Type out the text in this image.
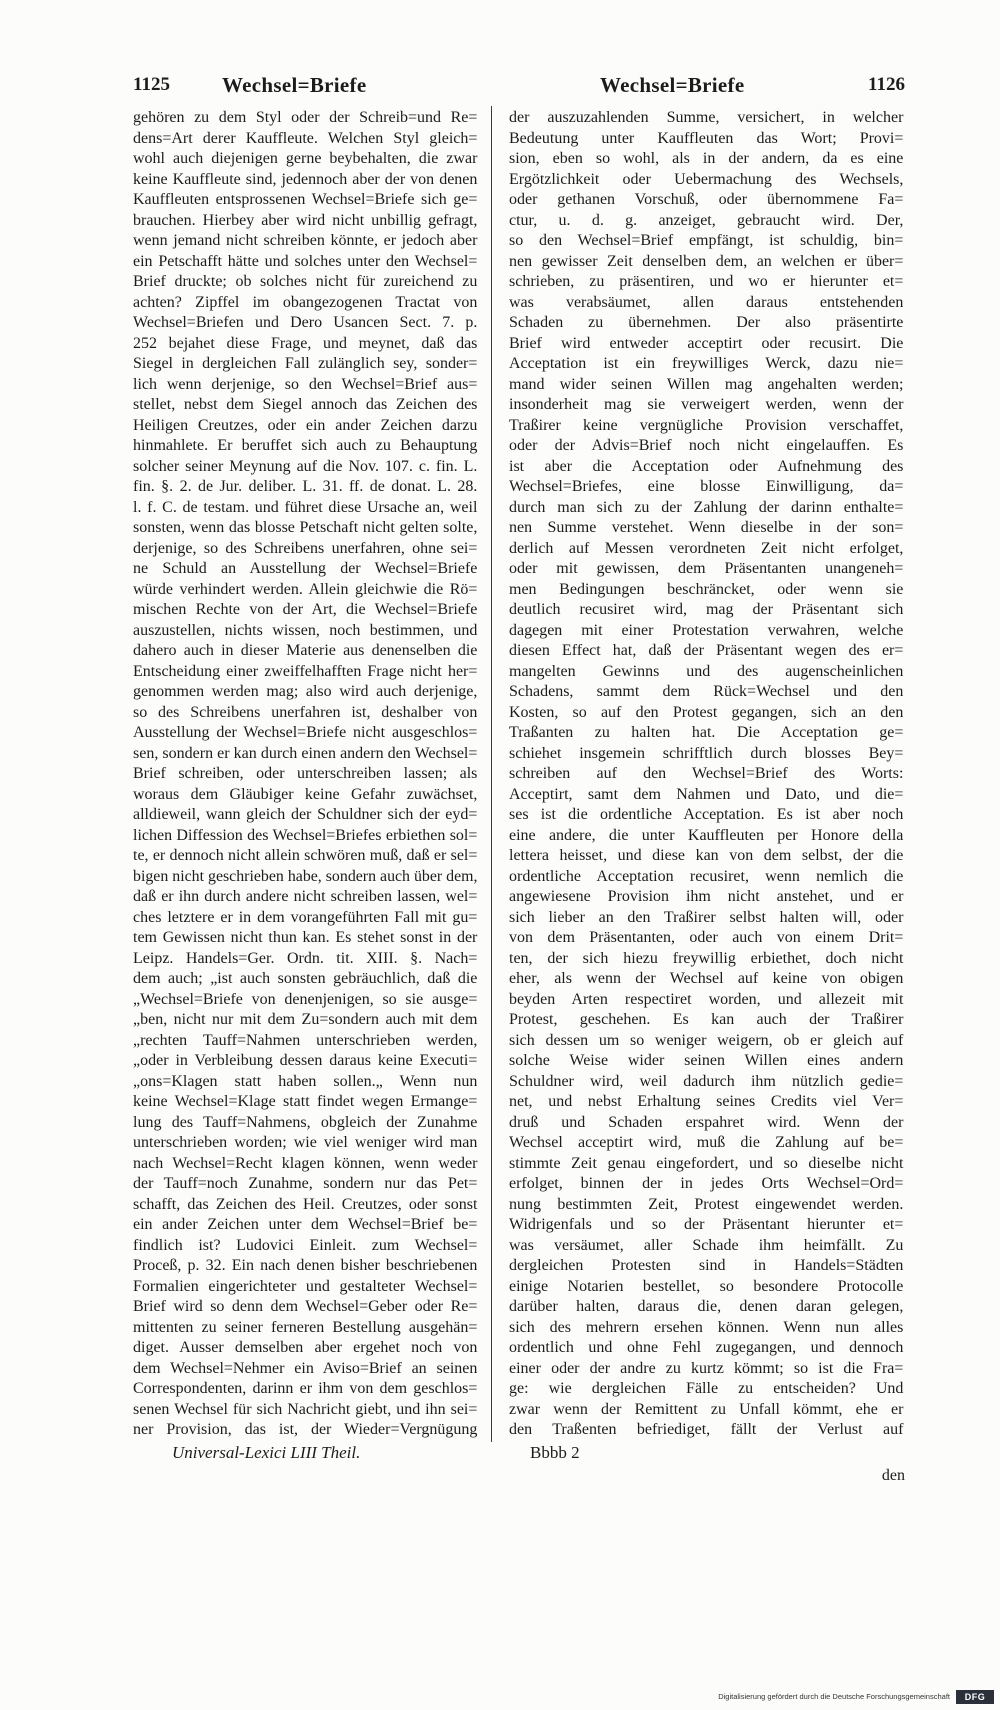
1125 Wechsel=Briefe	Wechsel=Briefe	1126
gehören zu dem Styl oder der Schreib=und Re=
dens=Art derer Kauffleute. Welchen Styl gleich=
wohl auch diejenigen gerne beybehalten, die zwar
keine Kauffleute sind, jedennoch aber der von denen
Kauffleuten entsprossenen Wechsel=Briefe sich ge=
brauchen. Hierbey aber wird nicht unbillig gefragt,
wenn jemand nicht schreiben könnte, er jedoch aber
ein Petschafft hätte und solches unter den Wechsel=
Brief druckte; ob solches nicht für zureichend zu
achten? Zipffel im obangezogenen Tractat von
Wechsel=Briefen und Dero Usancen Sect. 7. p.
252 bejahet diese Frage, und meynet, daß das
Siegel in dergleichen Fall zulänglich sey, sonder=
lich wenn derjenige, so den Wechsel=Brief aus=
stellet, nebst dem Siegel annoch das Zeichen des
Heiligen Creutzes, oder ein ander Zeichen darzu
hinmahlete. Er beruffet sich auch zu Behauptung
solcher seiner Meynung auf die Nov. 107. c. fin. L.
fin. §. 2. de Jur. deliber. L. 31. ff. de donat. L. 28.
l. f. C. de testam. und führet diese Ursache an, weil
sonsten, wenn das blosse Petschaft nicht gelten solte,
derjenige, so des Schreibens unerfahren, ohne sei=
ne Schuld an Ausstellung der Wechsel=Briefe
würde verhindert werden. Allein gleichwie die Rö=
mischen Rechte von der Art, die Wechsel=Briefe
auszustellen, nichts wissen, noch bestimmen, und
dahero auch in dieser Materie aus denenselben die
Entscheidung einer zweiffelhafften Frage nicht her=
genommen werden mag; also wird auch derjenige,
so des Schreibens unerfahren ist, deshalber von
Ausstellung der Wechsel=Briefe nicht ausgeschlos=
sen, sondern er kan durch einen andern den Wechsel=
Brief schreiben, oder unterschreiben lassen; als
woraus dem Gläubiger keine Gefahr zuwächset,
alldieweil, wann gleich der Schuldner sich der eyd=
lichen Diffession des Wechsel=Briefes erbiethen sol=
te, er dennoch nicht allein schwören muß, daß er sel=
bigen nicht geschrieben habe, sondern auch über dem,
daß er ihn durch andere nicht schreiben lassen, wel=
ches letztere er in dem vorangeführten Fall mit gu=
tem Gewissen nicht thun kan. Es stehet sonst in der
Leipz. Handels=Ger. Ordn. tit. XIII. §. Nach=
dem auch; „ist auch sonsten gebräuchlich, daß die
„Wechsel=Briefe von denenjenigen, so sie ausge=
„ben, nicht nur mit dem Zu=sondern auch mit dem
„rechten Tauff=Nahmen unterschrieben werden,
„oder in Verbleibung dessen daraus keine Executi=
„ons=Klagen statt haben sollen.„ Wenn nun
keine Wechsel=Klage statt findet wegen Ermange=
lung des Tauff=Nahmens, obgleich der Zunahme
unterschrieben worden; wie viel weniger wird man
nach Wechsel=Recht klagen können, wenn weder
der Tauff=noch Zunahme, sondern nur das Pet=
schafft, das Zeichen des Heil. Creutzes, oder sonst
ein ander Zeichen unter dem Wechsel=Brief be=
findlich ist? Ludovici Einleit. zum Wechsel=
Proceß, p. 32. Ein nach denen bisher beschriebenen
Formalien eingerichteter und gestalteter Wechsel=
Brief wird so denn dem Wechsel=Geber oder Re=
mittenten zu seiner ferneren Bestellung ausgehän=
diget. Ausser demselben aber ergehet noch von
dem Wechsel=Nehmer ein Aviso=Brief an seinen
Correspondenten, darinn er ihm von dem geschlos=
senen Wechsel für sich Nachricht giebt, und ihn sei=
ner Provision, das ist, der Wieder=Vergnügung
der auszuzahlenden Summe, versichert, in welcher
Bedeutung unter Kauffleuten das Wort; Provi=
sion, eben so wohl, als in der andern, da es eine
Ergötzlichkeit oder Uebermachung des Wechsels,
oder gethanen Vorschuß, oder übernommene Fa=
ctur, u. d. g. anzeiget, gebraucht wird. Der,
so den Wechsel=Brief empfängt, ist schuldig, bin=
nen gewisser Zeit denselben dem, an welchen er über=
schrieben, zu präsentiren, und wo er hierunter et=
was verabsäumet, allen daraus entstehenden
Schaden zu übernehmen. Der also präsentirte
Brief wird entweder acceptirt oder recusirt. Die
Acceptation ist ein freywilliges Werck, dazu nie=
mand wider seinen Willen mag angehalten werden;
insonderheit mag sie verweigert werden, wenn der
Traßirer keine vergnügliche Provision verschaffet,
oder der Advis=Brief noch nicht eingelauffen. Es
ist aber die Acceptation oder Aufnehmung des
Wechsel=Briefes, eine blosse Einwilligung, da=
durch man sich zu der Zahlung der darinn enthalte=
nen Summe verstehet. Wenn dieselbe in der son=
derlich auf Messen verordneten Zeit nicht erfolget,
oder mit gewissen, dem Präsentanten unangeneh=
men Bedingungen beschräncket, oder wenn sie
deutlich recusiret wird, mag der Präsentant sich
dagegen mit einer Protestation verwahren, welche
diesen Effect hat, daß der Präsentant wegen des er=
mangelten Gewinns und des augenscheinlichen
Schadens, sammt dem Rück=Wechsel und den
Kosten, so auf den Protest gegangen, sich an den
Traßanten zu halten hat. Die Acceptation ge=
schiehet insgemein schrifftlich durch blosses Bey=
schreiben auf den Wechsel=Brief des Worts:
Acceptirt, samt dem Nahmen und Dato, und die=
ses ist die ordentliche Acceptation. Es ist aber noch
eine andere, die unter Kauffleuten per Honore della
lettera heisset, und diese kan von dem selbst, der die
ordentliche Acceptation recusiret, wenn nemlich die
angewiesene Provision ihm nicht anstehet, und er
sich lieber an den Traßirer selbst halten will, oder
von dem Präsentanten, oder auch von einem Drit=
ten, der sich hiezu freywillig erbiethet, doch nicht
eher, als wenn der Wechsel auf keine von obigen
beyden Arten respectiret worden, und allezeit mit
Protest, geschehen. Es kan auch der Traßirer
sich dessen um so weniger weigern, ob er gleich auf
solche Weise wider seinen Willen eines andern
Schuldner wird, weil dadurch ihm nützlich gedie=
net, und nebst Erhaltung seines Credits viel Ver=
druß und Schaden erspahret wird. Wenn der
Wechsel acceptirt wird, muß die Zahlung auf be=
stimmte Zeit genau eingefordert, und so dieselbe nicht
erfolget, binnen der in jedes Orts Wechsel=Ord=
nung bestimmten Zeit, Protest eingewendet werden.
Widrigenfals und so der Präsentant hierunter et=
was versäumet, aller Schade ihm heimfällt. Zu
dergleichen Protesten sind in Handels=Städten
einige Notarien bestellet, so besondere Protocolle
darüber halten, daraus die, denen daran gelegen,
sich des mehrern ersehen können. Wenn nun alles
ordentlich und ohne Fehl zugegangen, und dennoch
einer oder der andre zu kurtz kömmt; so ist die Fra=
ge: wie dergleichen Fälle zu entscheiden? Und
zwar wenn der Remittent zu Unfall kömmt, ehe er
den Traßenten befriediget, fällt der Verlust auf
Universal-Lexici LIII Theil.	Bbbb 2
den
Digitalisierung gefördert durch die Deutsche Forschungsgemeinschaft	DFG
